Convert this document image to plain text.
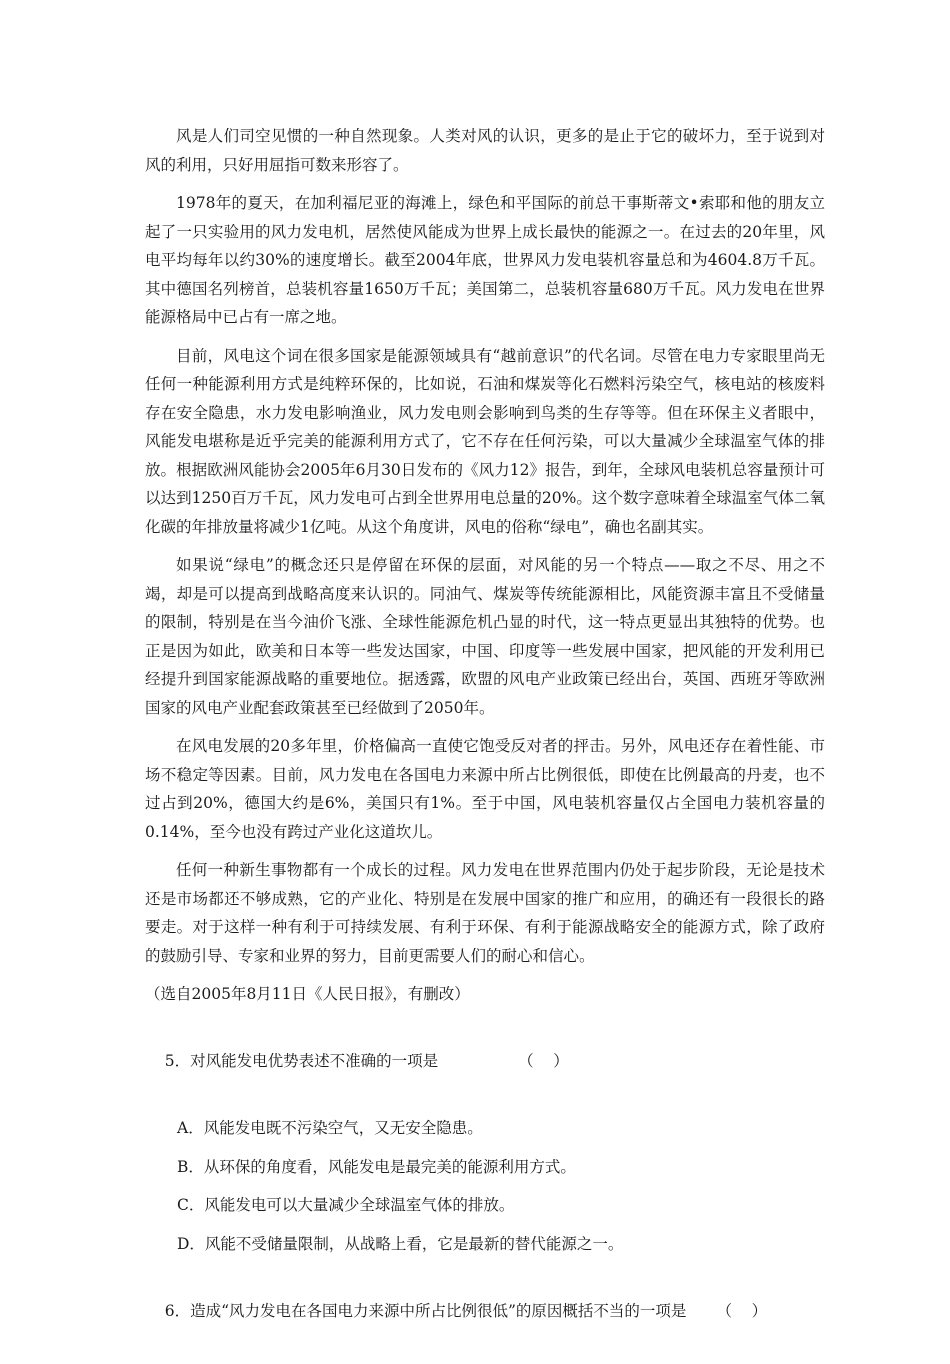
风是人们司空见惯的一种自然现象。人类对风的认识，更多的是止于它的破坏力，至于说到对风的利用，只好用屈指可数来形容了。

1978年的夏天，在加利福尼亚的海滩上，绿色和平国际的前总干事斯蒂文•索耶和他的朋友立起了一只实验用的风力发电机，居然使风能成为世界上成长最快的能源之一。在过去的20年里，风电平均每年以约30%的速度增长。截至2004年底，世界风力发电装机容量总和为4604.8万千瓦。其中德国名列榜首，总装机容量1650万千瓦；美国第二，总装机容量680万千瓦。风力发电在世界能源格局中已占有一席之地。

目前，风电这个词在很多国家是能源领域具有“越前意识”的代名词。尽管在电力专家眼里尚无任何一种能源利用方式是纯粹环保的，比如说，石油和煤炭等化石燃料污染空气，核电站的核废料存在安全隐患，水力发电影响渔业，风力发电则会影响到鸟类的生存等等。但在环保主义者眼中，风能发电堪称是近乎完美的能源利用方式了，它不存在任何污染，可以大量减少全球温室气体的排放。根据欧洲风能协会2005年6月30日发布的《风力12》报告，到年，全球风电装机总容量预计可以达到1250百万千瓦，风力发电可占到全世界用电总量的20%。这个数字意味着全球温室气体二氧化碳的年排放量将减少1亿吨。从这个角度讲，风电的俗称“绿电”，确也名副其实。

如果说“绿电”的概念还只是停留在环保的层面，对风能的另一个特点——取之不尽、用之不竭，却是可以提高到战略高度来认识的。同油气、煤炭等传统能源相比，风能资源丰富且不受储量的限制，特别是在当今油价飞涨、全球性能源危机凸显的时代，这一特点更显出其独特的优势。也正是因为如此，欧美和日本等一些发达国家，中国、印度等一些发展中国家，把风能的开发利用已经提升到国家能源战略的重要地位。据透露，欧盟的风电产业政策已经出台，英国、西班牙等欧洲国家的风电产业配套政策甚至已经做到了2050年。

在风电发展的20多年里，价格偏高一直使它饱受反对者的抨击。另外，风电还存在着性能、市场不稳定等因素。目前，风力发电在各国电力来源中所占比例很低，即使在比例最高的丹麦，也不过占到20%，德国大约是6%，美国只有1%。至于中国，风电装机容量仅占全国电力装机容量的0.14%，至今也没有跨过产业化这道坎儿。

任何一种新生事物都有一个成长的过程。风力发电在世界范围内仍处于起步阶段，无论是技术还是市场都还不够成熟，它的产业化、特别是在发展中国家的推广和应用，的确还有一段很长的路要走。对于这样一种有利于可持续发展、有利于环保、有利于能源战略安全的能源方式，除了政府的鼓励引导、专家和业界的努力，目前更需要人们的耐心和信心。

（选自2005年8月11日《人民日报》，有删改）

5．对风能发电优势表述不准确的一项是	（    ）

A．风能发电既不污染空气，又无安全隐患。
B．从环保的角度看，风能发电是最完美的能源利用方式。
C．风能发电可以大量减少全球温室气体的排放。
D．风能不受储量限制，从战略上看，它是最新的替代能源之一。

6．造成“风力发电在各国电力来源中所占比例很低”的原因概括不当的一项是 （    ）
